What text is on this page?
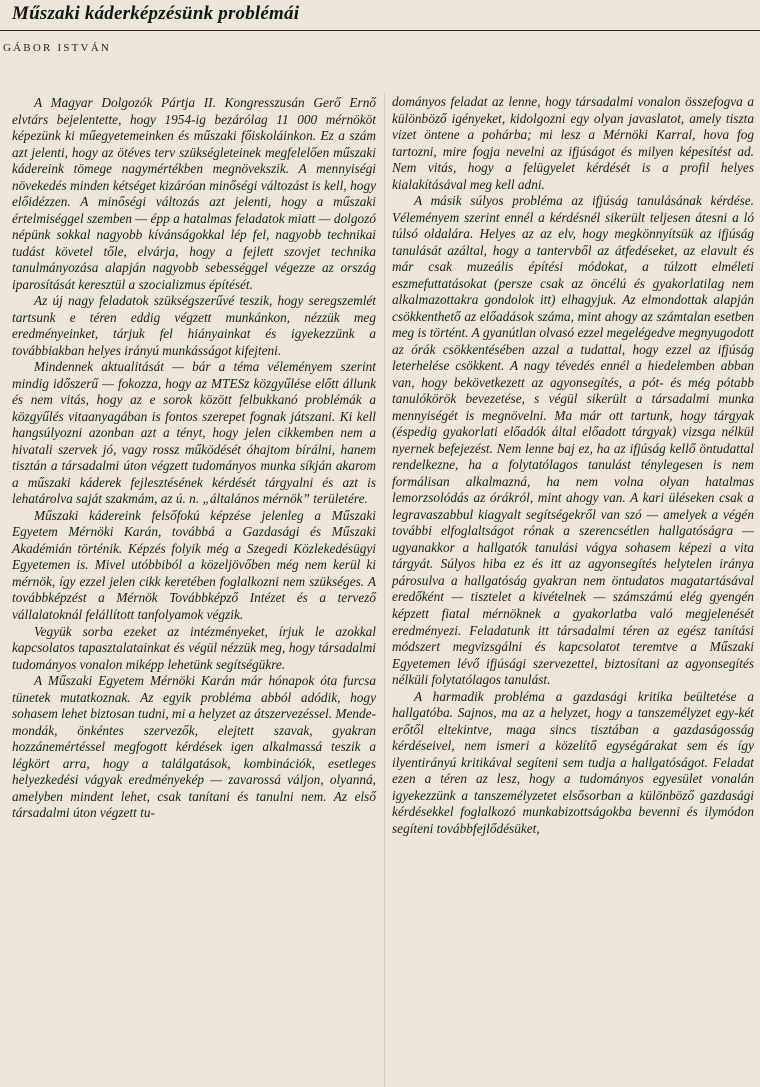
Műszaki káderképzésünk problémái
GÁBOR ISTVÁN

A Magyar Dolgozók Pártja II. Kongresszusán Gerő Ernő elvtárs bejelentette, hogy 1954-ig bezárólag 11 000 mérnököt képezünk ki műegyetemeinken és műszaki főiskoláinkon. Ez a szám azt jelenti, hogy az ötéves terv szükségleteinek megfelelően műszaki kádereink tömege nagymértékben megnövekszik. A mennyiségi növekedés minden kétséget kizáróan minőségi változást is kell, hogy előidézzen. A minőségi változás azt jelenti, hogy a műszaki értelmiséggel szemben — épp a hatalmas feladatok miatt — dolgozó népünk sokkal nagyobb kívánságokkal lép fel, nagyobb technikai tudást követel tőle, elvárja, hogy a fejlett szovjet technika tanulmányozása alapján nagyobb sebességgel végezze az ország iparosítását keresztül a szocializmus építését.

Az új nagy feladatok szükségszerűvé teszik, hogy seregszemlét tartsunk e téren eddig végzett munkánkon, nézzük meg eredményeinket, tárjuk fel hiányainkat és igyekezzünk a továbbiakban helyes irányú munkásságot kifejteni.

Mindennek aktualitását — bár a téma véleményem szerint mindig időszerű — fokozza, hogy az MTESz közgyűlése előtt állunk és nem vitás, hogy az e sorok között felbukkanó problémák a közgyűlés vitaanyagában is fontos szerepet fognak játszani. Ki kell hangsúlyozni azonban azt a tényt, hogy jelen cikkemben nem a hivatali szervek jó, vagy rossz működését óhajtom bírálni, hanem tisztán a társadalmi úton végzett tudományos munka síkján akarom a műszaki káderek fejlesztésének kérdését tárgyalni és azt is lehatárolva saját szakmám, az ú. n. „általános mérnök” területére.

Műszaki kádereink felsőfokú képzése jelenleg a Műszaki Egyetem Mérnöki Karán, továbbá a Gazdasági és Műszaki Akadémián történik. Képzés folyik még a Szegedi Közlekedésügyi Egyetemen is. Mivel utóbbiból a közeljövőben még nem kerül ki mérnök, így ezzel jelen cikk keretében foglalkozni nem szükséges. A továbbképzést a Mérnök Továbbképző Intézet és a tervező vállalatoknál felállított tanfolyamok végzik.

Vegyük sorba ezeket az intézményeket, írjuk le azokkal kapcsolatos tapasztalatainkat és végül nézzük meg, hogy társadalmi tudományos vonalon miképp lehetünk segítségükre.

A Műszaki Egyetem Mérnöki Karán már hónapok óta furcsa tünetek mutatkoznak. Az egyik probléma abból adódik, hogy sohasem lehet biztosan tudni, mi a helyzet az átszervezéssel. Mende-mondák, önkéntes szervezők, elejtett szavak, gyakran hozzánemértéssel megfogott kérdések igen alkalmassá teszik a légkört arra, hogy a találgatások, kombinációk, esetleges helyezkedési vágyak eredményekép — zavarossá váljon, olyanná, amelyben mindent lehet, csak tanítani és tanulni nem. Az első társadalmi úton végzett tu-

dományos feladat az lenne, hogy társadalmi vonalon összefogva a különböző igényeket, kidolgozni egy olyan javaslatot, amely tiszta vizet öntene a pohárba; mi lesz a Mérnöki Karral, hova fog tartozni, mire fogja nevelni az ifjúságot és milyen képesítést ad. Nem vitás, hogy a felügyelet kérdését is a profil helyes kialakításával meg kell adni.

A másik súlyos probléma az ifjúság tanulásának kérdése. Véleményem szerint ennél a kérdésnél sikerült teljesen átesni a ló túlsó oldalára. Helyes az az elv, hogy megkönnyítsük az ifjúság tanulását azáltal, hogy a tantervből az átfedéseket, az elavult és már csak muzeális építési módokat, a túlzott elméleti eszmefuttatásokat (persze csak az öncélú és gyakorlatilag nem alkalmazottakra gondolok itt) elhagyjuk. Az elmondottak alapján csökkenthető az előadások száma, mint ahogy az számtalan esetben meg is történt. A gyanútlan olvasó ezzel megelégedve megnyugodott az órák csökkentésében azzal a tudattal, hogy ezzel az ifjúság leterhelése csökkent. A nagy tévedés ennél a hiedelemben abban van, hogy bekövetkezett az agyonsegítés, a pót- és még pótabb tanulókörök bevezetése, s végül sikerült a társadalmi munka mennyiségét is megnövelni. Ma már ott tartunk, hogy tárgyak (éspedig gyakorlati előadók által előadott tárgyak) vizsga nélkül nyernek befejezést. Nem lenne baj ez, ha az ifjúság kellő öntudattal rendelkezne, ha a folytatólagos tanulást ténylegesen is nem formálisan alkalmazná, ha nem volna olyan hatalmas lemorzsolódás az órákról, mint ahogy van. A kari üléseken csak a legravaszabbul kiagyalt segítségekről van szó — amelyek a végén további elfoglaltságot rónak a szerencsétlen hallgatóságra — ugyanakkor a hallgatók tanulási vágya sohasem képezi a vita tárgyát. Súlyos hiba ez és itt az agyonsegítés helytelen iránya párosulva a hallgatóság gyakran nem öntudatos magatartásával eredőként — tisztelet a kivételnek — számszámú elég gyengén képzett fiatal mérnöknek a gyakorlatba való megjelenését eredményezi. Feladatunk itt társadalmi téren az egész tanítási módszert megvizsgálni és kapcsolatot teremtve a Műszaki Egyetemen lévő ifjúsági szervezettel, biztosítani az agyonsegítés nélküli folytatólagos tanulást.

A harmadik probléma a gazdasági kritika beültetése a hallgatóba. Sajnos, ma az a helyzet, hogy a tanszemélyzet egy-két erőtől eltekintve, maga sincs tisztában a gazdaságosság kérdéseivel, nem ismeri a közelítő egységárakat sem és így ilyentirányú kritikával segíteni sem tudja a hallgatóságot. Feladat ezen a téren az lesz, hogy a tudományos egyesület vonalán igyekezzünk a tanszemélyzetet elsősorban a különböző gazdasági kérdésekkel foglalkozó munkabizottságokba bevenni és ilymódon segíteni továbbfejlődésüket,
